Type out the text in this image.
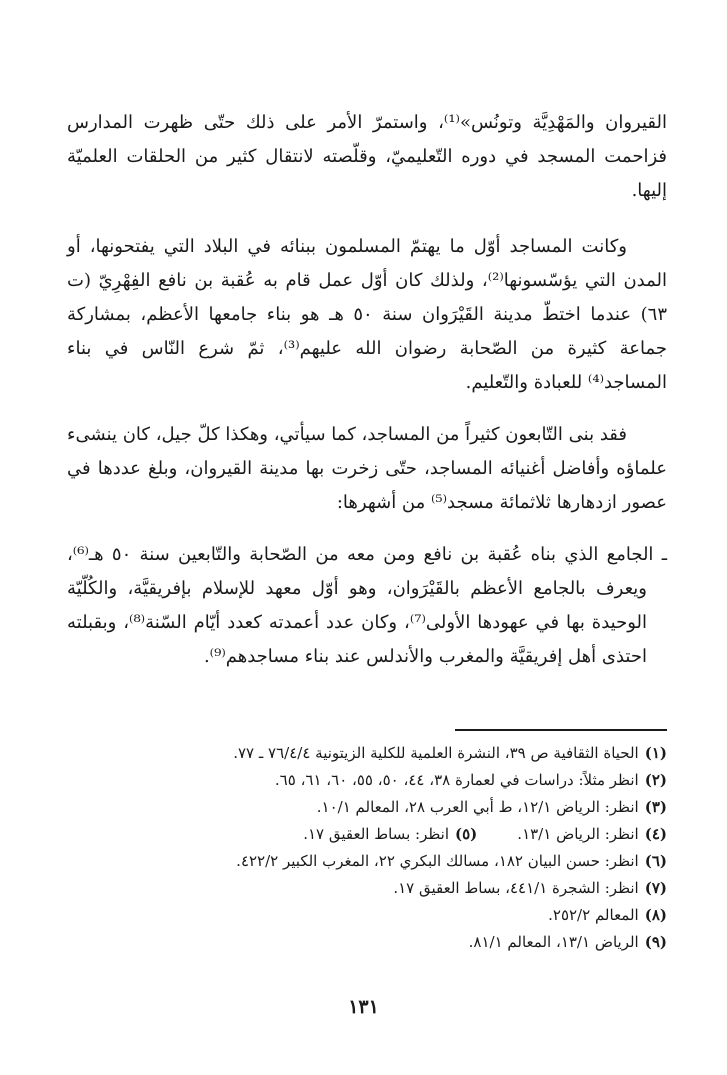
القيروان والمَهْدِيَّة وتونُس»⁽¹⁾، واستمرّ الأمر على ذلك حتّى ظهرت المدارس فزاحمت المسجد في دوره التّعليميّ، وقلّصته لانتقال كثير من الحلقات العلميّة إليها.

وكانت المساجد أوّل ما يهتمّ المسلمون ببنائه في البلاد التي يفتحونها، أو المدن التي يؤسّسونها⁽²⁾، ولذلك كان أوّل عمل قام به عُقبة بن نافع الفِهْرِيّ (ت ٦٣) عندما اختطّ مدينة القَيْرَوان سنة ٥٠ هـ هو بناء جامعها الأعظم، بمشاركة جماعة كثيرة من الصّحابة رضوان الله عليهم⁽³⁾، ثمّ شرع النّاس في بناء المساجد⁽⁴⁾ للعبادة والتّعليم.

فقد بنى التّابعون كثيراً من المساجد، كما سيأتي، وهكذا كلّ جيل، كان ينشىء علماؤه وأفاضل أغنيائه المساجد، حتّى زخرت بها مدينة القيروان، وبلغ عددها في عصور ازدهارها ثلاثمائة مسجد⁽⁵⁾ من أشهرها:

ـ الجامع الذي بناه عُقبة بن نافع ومن معه من الصّحابة والتّابعين سنة ٥٠ هـ⁽⁶⁾، ويعرف بالجامع الأعظم بالقَيْرَوان، وهو أوّل معهد للإسلام بإفريقيَّة، والكُلّيّة الوحيدة بها في عهودها الأولى⁽⁷⁾، وكان عدد أعمدته كعدد أيّام السّنة⁽⁸⁾، وبقبلته احتذى أهل إفريقيَّة والمغرب والأندلس عند بناء مساجدهم⁽⁹⁾.

(١)الحياة الثقافية ص ٣٩، النشرة العلمية للكلية الزيتونية ٧٦/٤/٤ ـ ٧٧.
(٢)انظر مثلاً: دراسات في لعمارة ٣٨، ٤٤، ٥٠، ٥٥، ٦٠، ٦١، ٦٥.
(٣)انظر: الرياض ١٢/١، ط أبي العرب ٢٨، المعالم ١٠/١.
(٤)انظر: الرياض ١٣/١.(٥)انظر: بساط العقيق ١٧.
(٦)انظر: حسن البيان ١٨٢، مسالك البكري ٢٢، المغرب الكبير ٤٢٢/٢.
(٧)انظر: الشجرة ٤٤١/١، بساط العقيق ١٧.
(٨)المعالم ٢٥٢/٢.
(٩)الرياض ١٣/١، المعالم ٨١/١.
١٣١
